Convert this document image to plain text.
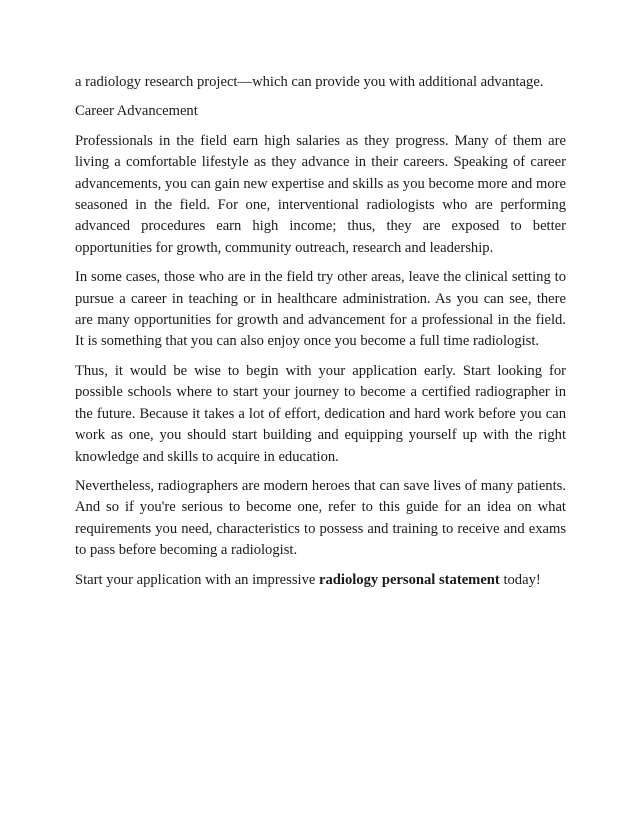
a radiology research project—which can provide you with additional advantage.

Career Advancement

Professionals in the field earn high salaries as they progress. Many of them are living a comfortable lifestyle as they advance in their careers. Speaking of career advancements, you can gain new expertise and skills as you become more and more seasoned in the field. For one, interventional radiologists who are performing advanced procedures earn high income; thus, they are exposed to better opportunities for growth, community outreach, research and leadership.

In some cases, those who are in the field try other areas, leave the clinical setting to pursue a career in teaching or in healthcare administration. As you can see, there are many opportunities for growth and advancement for a professional in the field. It is something that you can also enjoy once you become a full time radiologist.

Thus, it would be wise to begin with your application early. Start looking for possible schools where to start your journey to become a certified radiographer in the future. Because it takes a lot of effort, dedication and hard work before you can work as one, you should start building and equipping yourself up with the right knowledge and skills to acquire in education.

Nevertheless, radiographers are modern heroes that can save lives of many patients. And so if you're serious to become one, refer to this guide for an idea on what requirements you need, characteristics to possess and training to receive and exams to pass before becoming a radiologist.

Start your application with an impressive radiology personal statement today!
